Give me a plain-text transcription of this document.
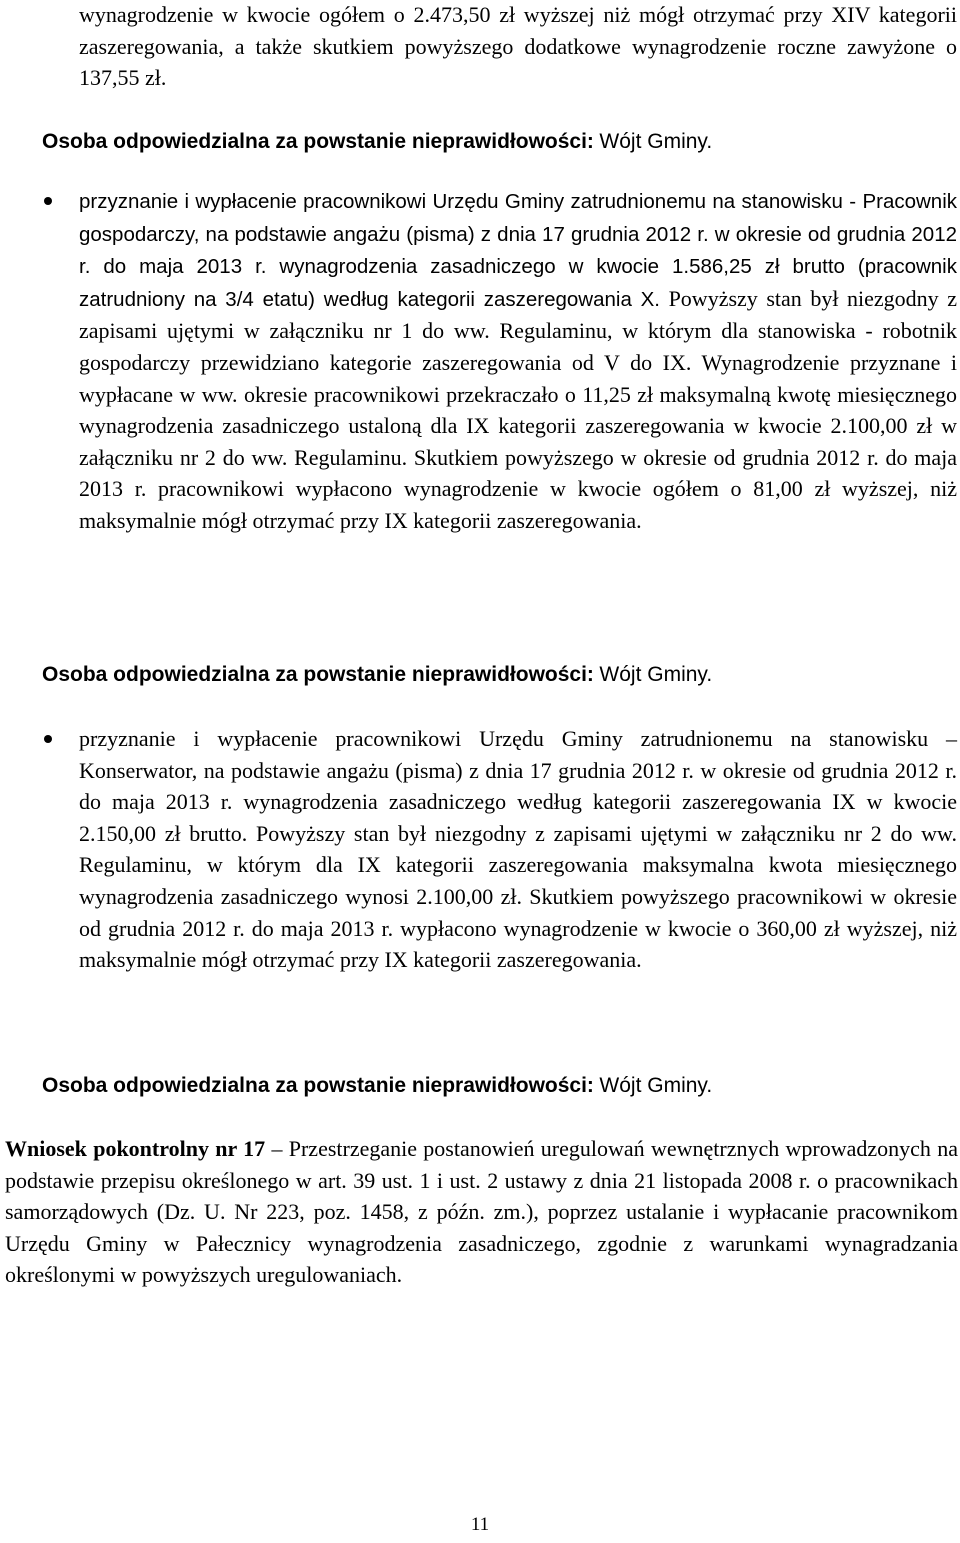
wynagrodzenie w kwocie ogółem o 2.473,50 zł wyższej niż mógł otrzymać przy XIV kategorii zaszeregowania, a także skutkiem powyższego dodatkowe wynagrodzenie roczne zawyżone o 137,55 zł.

Osoba odpowiedzialna za powstanie nieprawidłowości: Wójt Gminy.

przyznanie i wypłacenie pracownikowi Urzędu Gminy zatrudnionemu na stanowisku - Pracownik gospodarczy, na podstawie angażu (pisma) z dnia 17 grudnia 2012 r. w okresie od grudnia 2012 r. do maja 2013 r. wynagrodzenia zasadniczego w kwocie 1.586,25 zł brutto (pracownik zatrudniony na 3/4 etatu) według kategorii zaszeregowania X. Powyższy stan był niezgodny z zapisami ujętymi w załączniku nr 1 do ww. Regulaminu, w którym dla stanowiska - robotnik gospodarczy przewidziano kategorie zaszeregowania od V do IX. Wynagrodzenie przyznane i wypłacane w ww. okresie pracownikowi przekraczało o 11,25 zł maksymalną kwotę miesięcznego wynagrodzenia zasadniczego ustaloną dla IX kategorii zaszeregowania w kwocie 2.100,00 zł w załączniku nr 2 do ww. Regulaminu. Skutkiem powyższego w okresie od grudnia 2012 r. do maja 2013 r. pracownikowi wypłacono wynagrodzenie w kwocie ogółem o 81,00 zł wyższej, niż maksymalnie mógł otrzymać przy IX kategorii zaszeregowania.

Osoba odpowiedzialna za powstanie nieprawidłowości: Wójt Gminy.

przyznanie i wypłacenie pracownikowi Urzędu Gminy zatrudnionemu na stanowisku – Konserwator, na podstawie angażu (pisma) z dnia 17 grudnia 2012 r. w okresie od grudnia 2012 r. do maja 2013 r. wynagrodzenia zasadniczego według kategorii zaszeregowania IX w kwocie 2.150,00 zł brutto. Powyższy stan był niezgodny z zapisami ujętymi w załączniku nr 2 do ww. Regulaminu, w którym dla IX kategorii zaszeregowania maksymalna kwota miesięcznego wynagrodzenia zasadniczego wynosi 2.100,00 zł. Skutkiem powyższego pracownikowi w okresie od grudnia 2012 r. do maja 2013 r. wypłacono wynagrodzenie w kwocie o 360,00 zł wyższej, niż maksymalnie mógł otrzymać przy IX kategorii zaszeregowania.

Osoba odpowiedzialna za powstanie nieprawidłowości: Wójt Gminy.

Wniosek pokontrolny nr 17 – Przestrzeganie postanowień uregulowań wewnętrznych wprowadzonych na podstawie przepisu określonego w art. 39 ust. 1 i ust. 2 ustawy z dnia 21 listopada 2008 r. o pracownikach samorządowych (Dz. U. Nr 223, poz. 1458, z późn. zm.), poprzez ustalanie i wypłacanie pracownikom Urzędu Gminy w Pałecznicy wynagrodzenia zasadniczego, zgodnie z warunkami wynagradzania określonymi w powyższych uregulowaniach.

11
